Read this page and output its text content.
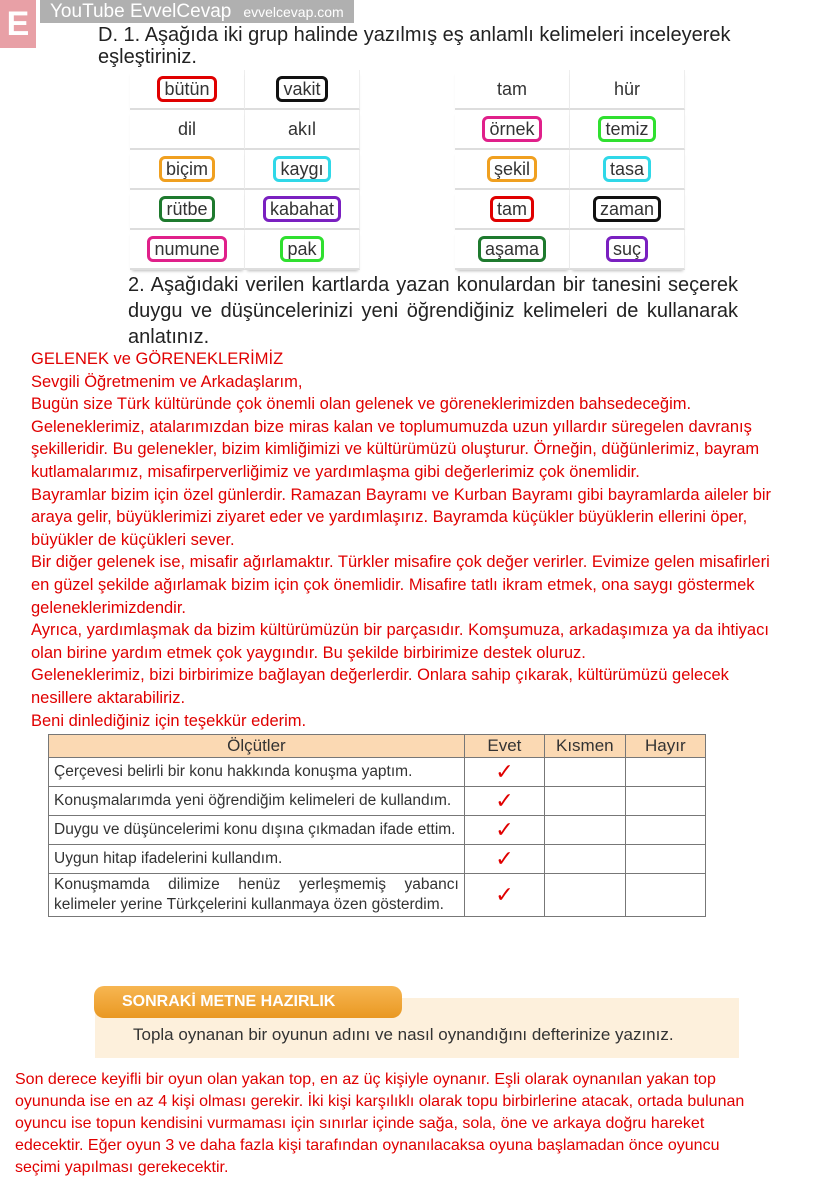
E	YouTube EvvelCevap evvelcevap.com
D. 1. Aşağıda iki grup halinde yazılmış eş anlamlı kelimeleri inceleyerek eşleştiriniz.
bütün	vakit
dil	akıl
biçim	kaygı
rütbe	kabahat
numune	pak
tam	hür
örnek	temiz
şekil	tasa
tam	zaman
aşama	suç
2. Aşağıdaki verilen kartlarda yazan konulardan bir tanesini seçerek duygu ve düşüncelerinizi yeni öğrendiğiniz kelimeleri de kullanarak anlatınız.
GELENEK ve GÖRENEKLERİMİZ
Sevgili Öğretmenim ve Arkadaşlarım,
Bugün size Türk kültüründe çok önemli olan gelenek ve göreneklerimizden bahsedeceğim.
Geleneklerimiz, atalarımızdan bize miras kalan ve toplumumuzda uzun yıllardır süregelen davranış
şekilleridir. Bu gelenekler, bizim kimliğimizi ve kültürümüzü oluşturur. Örneğin, düğünlerimiz, bayram
kutlamalarımız, misafirperverliğimiz ve yardımlaşma gibi değerlerimiz çok önemlidir.
Bayramlar bizim için özel günlerdir. Ramazan Bayramı ve Kurban Bayramı gibi bayramlarda aileler bir
araya gelir, büyüklerimizi ziyaret eder ve yardımlaşırız. Bayramda küçükler büyüklerin ellerini öper,
büyükler de küçükleri sever.
Bir diğer gelenek ise, misafir ağırlamaktır. Türkler misafire çok değer verirler. Evimize gelen misafirleri
en güzel şekilde ağırlamak bizim için çok önemlidir. Misafire tatlı ikram etmek, ona saygı göstermek
geleneklerimizdendir.
Ayrıca, yardımlaşmak da bizim kültürümüzün bir parçasıdır. Komşumuza, arkadaşımıza ya da ihtiyacı
olan birine yardım etmek çok yaygındır. Bu şekilde birbirimize destek oluruz.
Geleneklerimiz, bizi birbirimize bağlayan değerlerdir. Onlara sahip çıkarak, kültürümüzü gelecek
nesillere aktarabiliriz.
Beni dinlediğiniz için teşekkür ederim.
Ölçütler	Evet	Kısmen	Hayır
Çerçevesi belirli bir konu hakkında konuşma yaptım.	✓		
Konuşmalarımda yeni öğrendiğim kelimeleri de kullandım.	✓		
Duygu ve düşüncelerimi konu dışına çıkmadan ifade ettim.	✓		
Uygun hitap ifadelerini kullandım.	✓		
Konuşmamda dilimize henüz yerleşmemiş yabancı kelimeler yerine Türkçelerini kullanmaya özen gösterdim.	✓		
Topla oynanan bir oyunun adını ve nasıl oynandığını defterinize yazınız.
SONRAKİ METNE HAZIRLIK
Son derece keyifli bir oyun olan yakan top, en az üç kişiyle oynanır. Eşli olarak oynanılan yakan top
oyununda ise en az 4 kişi olması gerekir. İki kişi karşılıklı olarak topu birbirlerine atacak, ortada bulunan
oyuncu ise topun kendisini vurmaması için sınırlar içinde sağa, sola, öne ve arkaya doğru hareket
edecektir. Eğer oyun 3 ve daha fazla kişi tarafından oynanılacaksa oyuna başlamadan önce oyuncu
seçimi yapılması gerekecektir.
